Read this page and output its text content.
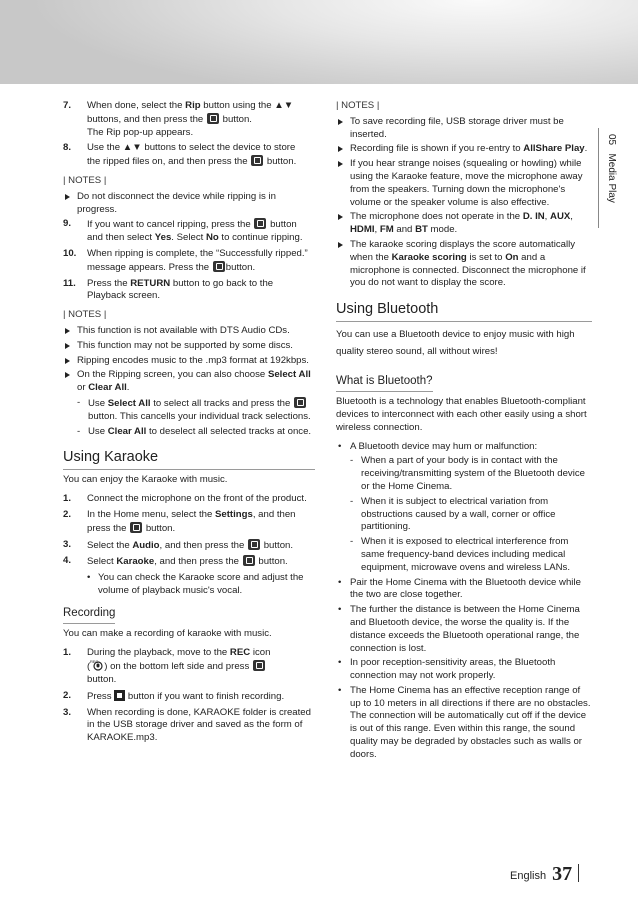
05   Media Play
7. When done, select the Rip button using the ▲▼
buttons, and then press the button.
The Rip pop-up appears.
8. Use the ▲▼ buttons to select the device to store
the ripped files on, and then press the button.
| NOTES |
Do not disconnect the device while ripping is in progress.
9. If you want to cancel ripping, press the button
and then select Yes. Select No to continue ripping.
10. When ripping is complete, the “Successfully ripped.”
message appears. Press the button.
11. Press the RETURN button to go back to the
Playback screen.
| NOTES |
This function is not available with DTS Audio CDs.
This function may not be supported by some discs.
Ripping encodes music to the .mp3 format at 192kbps.
On the Ripping screen, you can also choose Select All or Clear All.
- Use Select All to select all tracks and press the  button. This cancells your individual track selections.
- Use Clear All to deselect all selected tracks at once.
Using Karaoke
You can enjoy the Karaoke with music.
1. Connect the microphone on the front of the product.
2. In the Home menu, select the Settings, and then
press the button.
3. Select the Audio, and then press the button.
4. Select Karaoke, and then press the button.
• You can check the Karaoke score and adjust the volume of playback music's vocal.
Recording
You can make a recording of karaoke with music.
1. During the playback, move to the REC icon
( REC ) on the bottom left side and press
button.
2. Press button if you want to finish recording.
3. When recording is done, KARAOKE folder is created in the USB storage driver and saved as the form of KARAOKE.mp3.
| NOTES |
To save recording file, USB storage driver must be inserted.
Recording file is shown if you re-entry to AllShare Play.
If you hear strange noises (squealing or howling) while using the Karaoke feature, move the microphone away from the speakers. Turning down the microphone's volume or the speaker volume is also effective.
The microphone does not operate in the D. IN, AUX, HDMI, FM and BT mode.
The karaoke scoring displays the score automatically when the Karaoke scoring is set to On and a microphone is connected. Disconnect the microphone if you do not want to display the score.
Using Bluetooth
You can use a Bluetooth device to enjoy music with high quality stereo sound, all without wires!
What is Bluetooth?
Bluetooth is a technology that enables Bluetooth-compliant devices to interconnect with each other easily using a short wireless connection.
• A Bluetooth device may hum or malfunction:
- When a part of your body is in contact with the receiving/transmitting system of the Bluetooth device or the Home Cinema.
- When it is subject to electrical variation from obstructions caused by a wall, corner or office partitioning.
- When it is exposed to electrical interference from same frequency-band devices including medical equipment, microwave ovens and wireless LANs.
• Pair the Home Cinema with the Bluetooth device while the two are close together.
• The further the distance is between the Home Cinema and Bluetooth device, the worse the quality is. If the distance exceeds the Bluetooth operational range, the connection is lost.
• In poor reception-sensitivity areas, the Bluetooth connection may not work properly.
• The Home Cinema has an effective reception range of up to 10 meters in all directions if there are no obstacles. The connection will be automatically cut off if the device is out of this range. Even within this range, the sound quality may be degraded by obstacles such as walls or doors.
English 37
